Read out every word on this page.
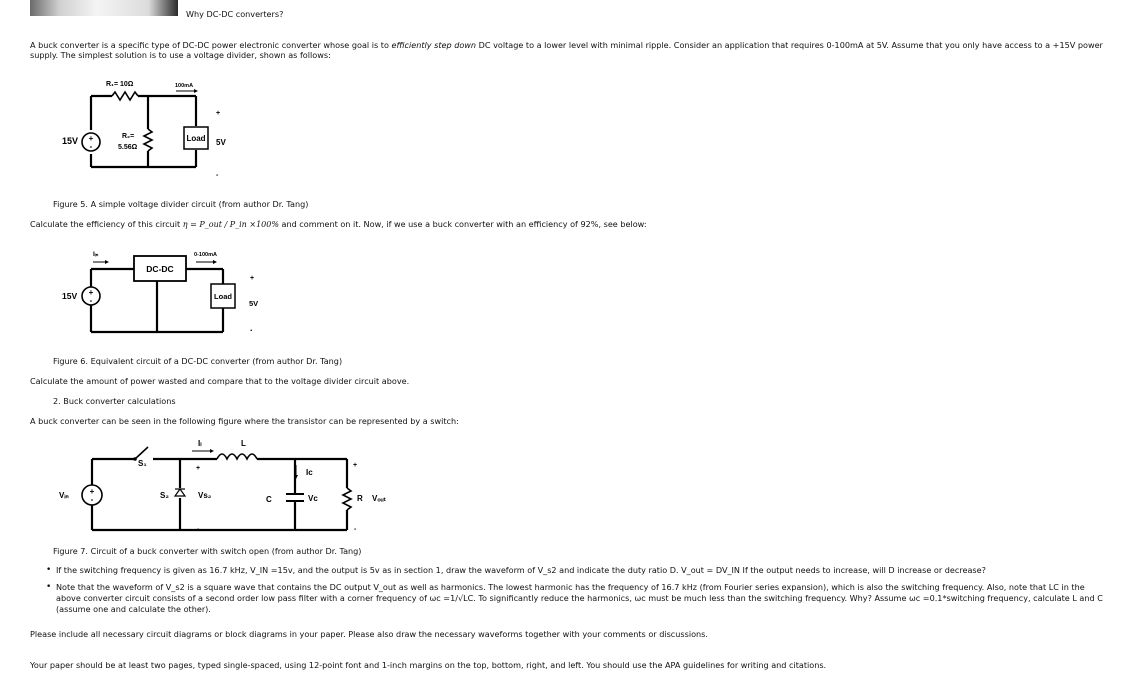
Why DC-DC converters?
A buck converter is a specific type of DC-DC power electronic converter whose goal is to efficiently step down DC voltage to a lower level with minimal ripple. Consider an application that requires 0-100mA at 5V. Assume that you only have access to a +15V power supply. The simplest solution is to use a voltage divider, shown as follows:
+
-
Load
15V
R₁= 10Ω	100mA
R₂=
5.56Ω
5V
+
-
Figure 5. A simple voltage divider circuit (from author Dr. Tang)
Calculate the efficiency of this circuit η = P_out / P_in ×100% and comment on it. Now, if we use a buck converter with an efficiency of 92%, see below:
DC-DC
+
-	Load
15V
Iᵢₙ	0-100mA
+
5V
.
Figure 6. Equivalent circuit of a DC-DC converter (from author Dr. Tang)
Calculate the amount of power wasted and compare that to the voltage divider circuit above.
2. Buck converter calculations
A buck converter can be seen in the following figure where the transistor can be represented by a switch:
+
-
S₁
Iₗ	L
Ic
Vᵢₙ	S₂	Vs₂
+
-
C	Vc	R Vₒᵤₜ
+
-
Figure 7. Circuit of a buck converter with switch open (from author Dr. Tang)
• If the switching frequency is given as 16.7 kHz, V_IN =15v, and the output is 5v as in section 1, draw the waveform of V_s2 and indicate the duty ratio D. V_out = DV_IN If the output needs to increase, will D increase or decrease?
• Note that the waveform of V_s2 is a square wave that contains the DC output V_out as well as harmonics. The lowest harmonic has the frequency of 16.7 kHz (from Fourier series expansion), which is also the switching frequency. Also, note that LC in the above converter circuit consists of a second order low pass filter with a corner frequency of ωc =1/√LC. To significantly reduce the harmonics, ωc must be much less than the switching frequency. Why? Assume ωc =0.1*switching frequency, calculate L and C (assume one and calculate the other).
Please include all necessary circuit diagrams or block diagrams in your paper. Please also draw the necessary waveforms together with your comments or discussions.
Your paper should be at least two pages, typed single-spaced, using 12-point font and 1-inch margins on the top, bottom, right, and left. You should use the APA guidelines for writing and citations.
